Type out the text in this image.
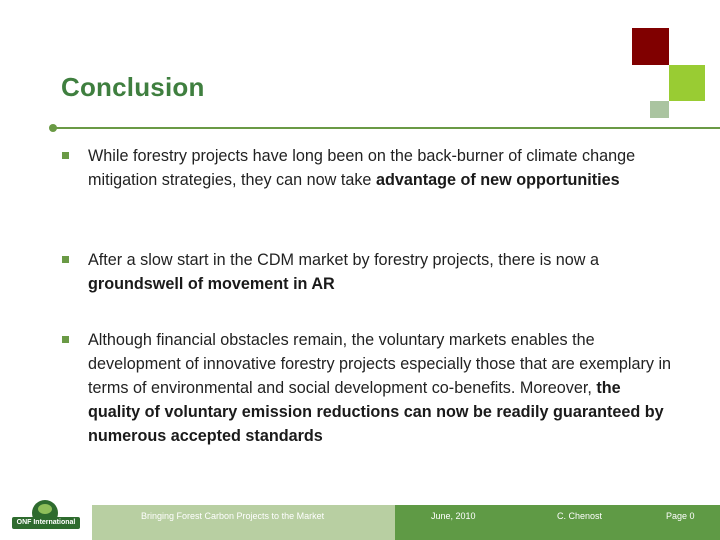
Conclusion
While forestry projects have long been on the back-burner of climate change mitigation strategies, they can now take advantage of new opportunities
After a slow start in the CDM market by forestry projects, there is now a groundswell of movement in AR
Although financial obstacles remain, the voluntary markets enables the development of innovative forestry projects especially those that are exemplary in terms of environmental and social development co-benefits. Moreover, the quality of voluntary emission reductions can now be readily guaranteed by numerous accepted standards
ONF International
Bringing Forest Carbon Projects to the Market	June, 2010	C. Chenost	Page 0
